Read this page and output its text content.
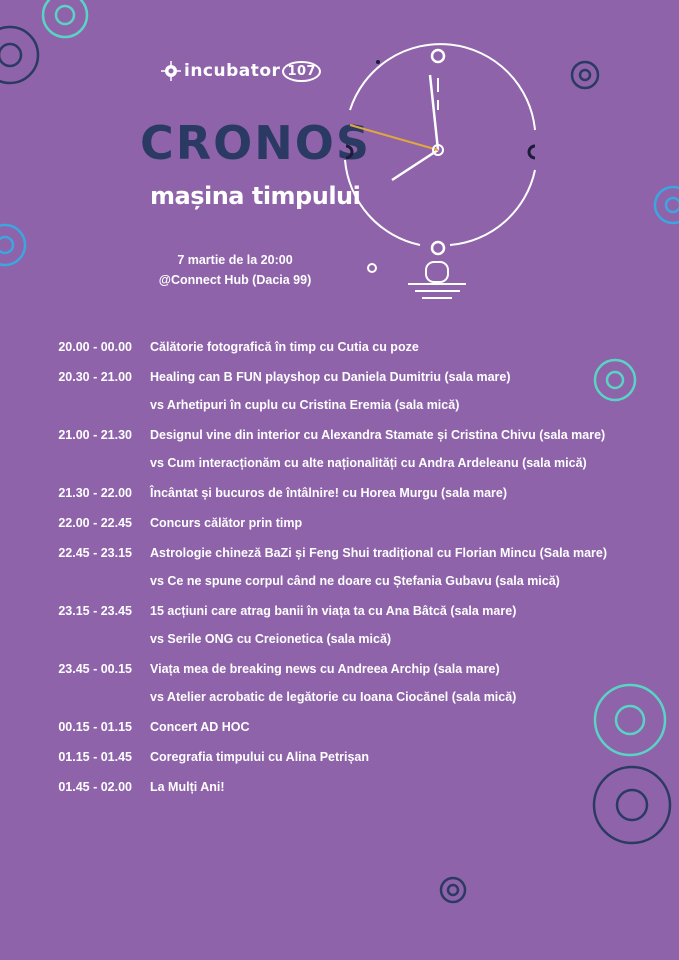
incubator 107
CRONOS
mașina timpului
7 martie de la 20:00
@Connect Hub (Dacia 99)
20.00 - 00.00	Călătorie fotografică în timp cu Cutia cu poze
20.30 - 21.00	Healing can B FUN playshop cu Daniela Dumitriu (sala mare)
vs Arhetipuri în cuplu cu Cristina Eremia (sala mică)
21.00 - 21.30	Designul vine din interior cu Alexandra Stamate și Cristina Chivu (sala mare)
vs Cum interacționăm cu alte naționalități cu Andra Ardeleanu (sala mică)
21.30 - 22.00	Încântat și bucuros de întâlnire! cu Horea Murgu (sala mare)
22.00 - 22.45	Concurs călător prin timp
22.45 - 23.15	Astrologie chineză BaZi și Feng Shui tradițional cu Florian Mincu (Sala mare)
vs Ce ne spune corpul când ne doare cu Ștefania Gubavu (sala mică)
23.15 - 23.45	15 acțiuni care atrag banii în viața ta cu Ana Bâtcă (sala mare)
vs Serile ONG cu Creionetica (sala mică)
23.45 - 00.15	Viața mea de breaking news cu Andreea Archip (sala mare)
vs Atelier acrobatic de legătorie cu Ioana Ciocănel (sala mică)
00.15 - 01.15	Concert AD HOC
01.15 - 01.45	Coregrafia timpului cu Alina Petrișan
01.45 - 02.00	La Mulți Ani!
